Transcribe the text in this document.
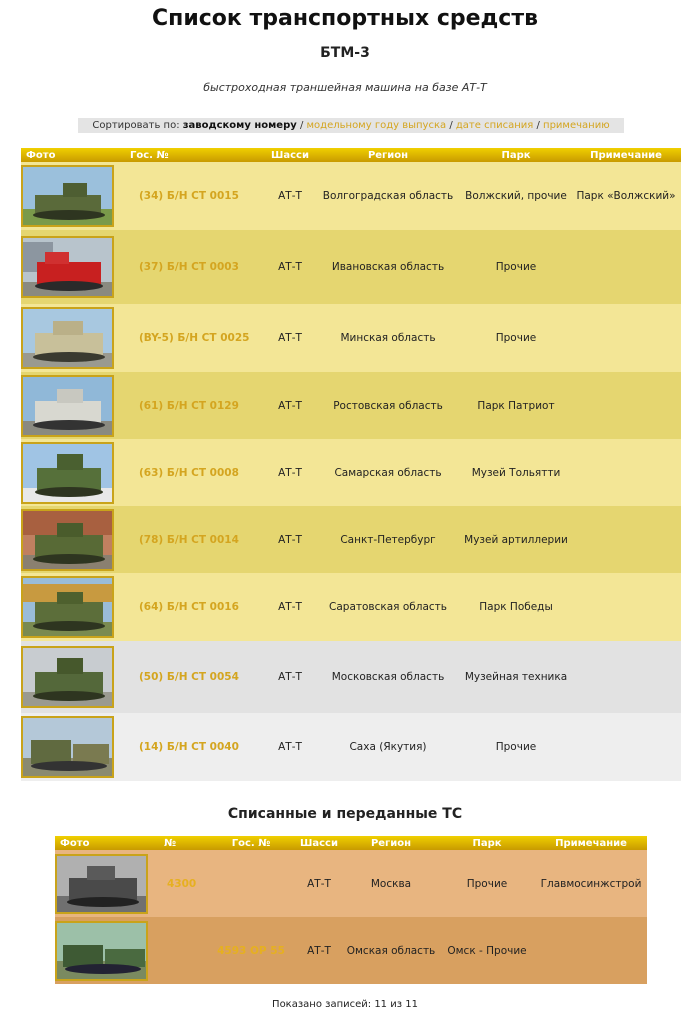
Список транспортных средств
БТМ-3

быстроходная траншейная машина на базе АТ-Т

Сортировать по: заводскому номеру / модельному году выпуска / дате списания / примечанию
Фото	Гос. №	Шасси	Регион	Парк	Примечание

	(34) Б/Н СТ 0015	АТ-Т	Волгоградская область	Волжский, прочие	Парк «Волжский»

	(37) Б/Н СТ 0003	АТ-Т	Ивановская область	Прочие	

	(BY-5) Б/Н СТ 0025	АТ-Т	Минская область	Прочие	

	(61) Б/Н СТ 0129	АТ-Т	Ростовская область	Парк Патриот	

	(63) Б/Н СТ 0008	АТ-Т	Самарская область	Музей Тольятти	

	(78) Б/Н СТ 0014	АТ-Т	Санкт-Петербург	Музей артиллерии	

	(64) Б/Н СТ 0016	АТ-Т	Саратовская область	Парк Победы	

	(50) Б/Н СТ 0054	АТ-Т	Московская область	Музейная техника	

	(14) Б/Н СТ 0040	АТ-Т	Саха (Якутия)	Прочие	
Списанные и переданные ТС
Фото	№	Гос. №	Шасси	Регион	Парк	Примечание

	4300		АТ-Т	Москва	Прочие	Главмосинжстрой

		4593 ОР 55	АТ-Т	Омская область	Омск - Прочие	
Показано записей: 11 из 11
